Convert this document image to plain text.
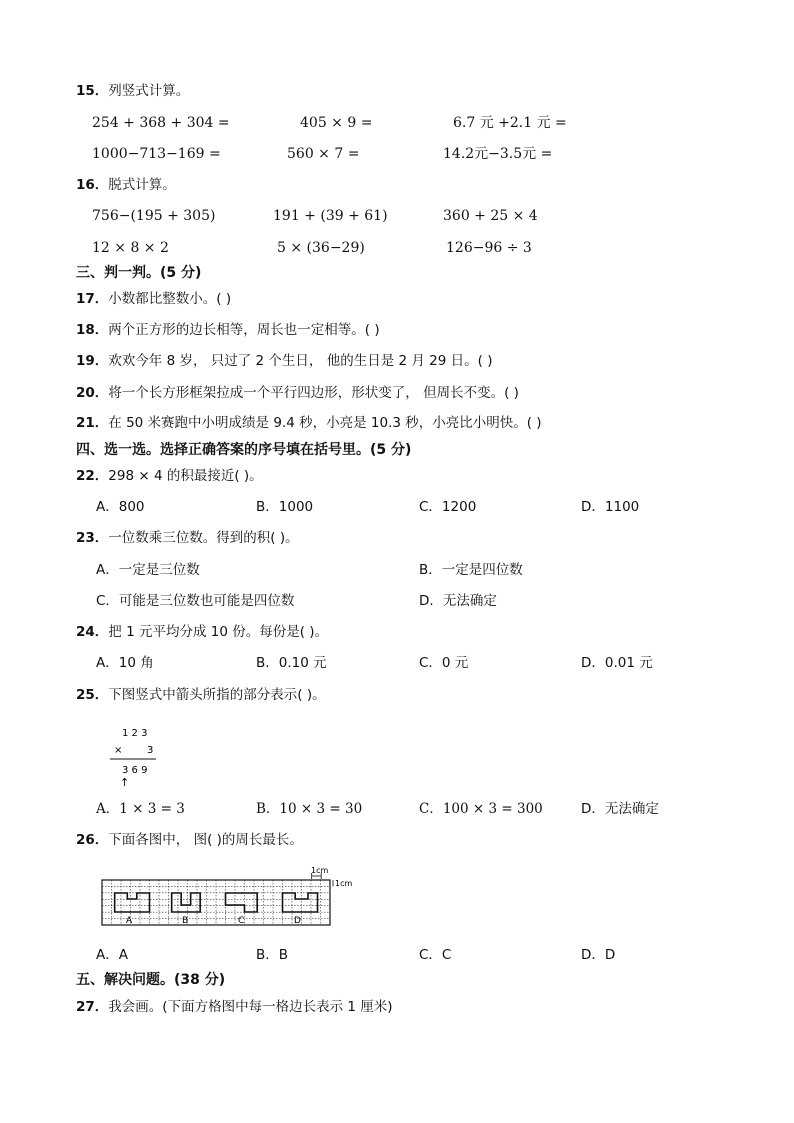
15．列竖式计算。
254 + 368 + 304 =	405 × 9 =	6.7 元 +2.1 元 =
1000−713−169 =	560 × 7 =	14.2元−3.5元 =
16．脱式计算。
756−(195 + 305)	191 + (39 + 61)	360 + 25 × 4
12 × 8 × 2	5 × (36−29)	126−96 ÷ 3
三、判一判。(5 分)
17．小数都比整数小。( )
18．两个正方形的边长相等，周长也一定相等。( )
19．欢欢今年 8 岁， 只过了 2 个生日， 他的生日是 2 月 29 日。( )
20．将一个长方形框架拉成一个平行四边形，形状变了， 但周长不变。( )
21．在 50 米赛跑中小明成绩是 9.4 秒，小亮是 10.3 秒，小亮比小明快。( )
四、选一选。选择正确答案的序号填在括号里。(5 分)
22．298 × 4 的积最接近( )。
A．800	B．1000	C．1200	D．1100
23．一位数乘三位数。得到的积( )。
A．一定是三位数	B．一定是四位数
C．可能是三位数也可能是四位数	D．无法确定
24．把 1 元平均分成 10 份。每份是( )。
A．10 角	B．0.10 元	C．0 元	D．0.01 元
25．下图竖式中箭头所指的部分表示( )。
1 2 3
× 3
3 6 9
↑
A．1 × 3 = 3	B．10 × 3 = 30	C．100 × 3 = 300	D．无法确定
26．下面各图中， 图( )的周长最长。
A	B	C	D
1cm
1cm
A．A	B．B	C．C	D．D
五、解决问题。(38 分)
27．我会画。(下面方格图中每一格边长表示 1 厘米)
